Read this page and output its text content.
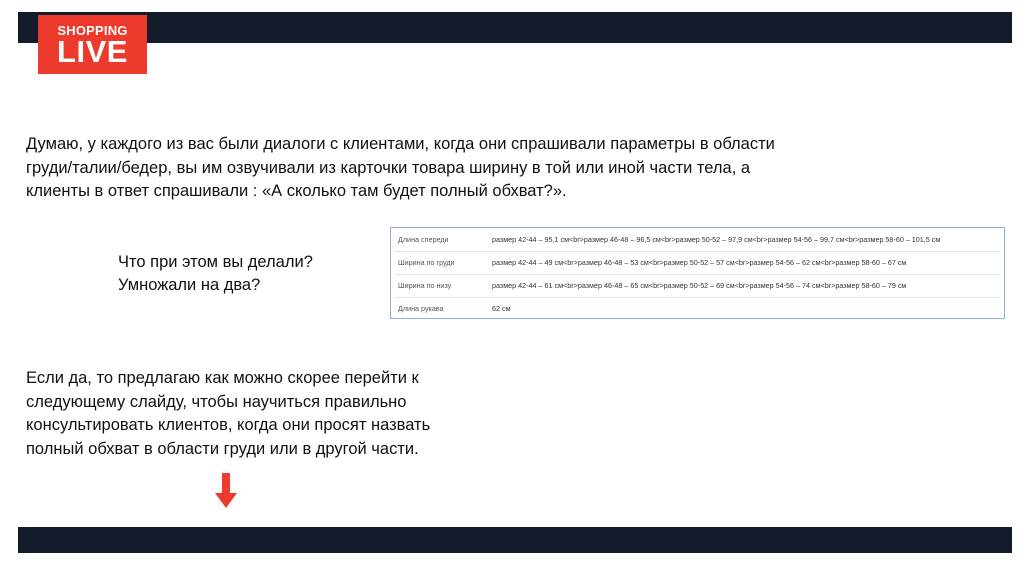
SHOPPING
LIVE
Думаю, у каждого из вас были диалоги с клиентами, когда они спрашивали параметры в области груди/талии/бедер, вы им озвучивали из карточки товара ширину в той или иной части тела, а клиенты в ответ спрашивали : «А сколько там будет полный обхват?».
Что при этом вы делали?
Умножали на два?
Длина спереди	размер 42-44 – 95,1 см<br>размер 46-48 – 96,5 см<br>размер 50-52 – 97,9 см<br>размер 54-56 – 99,7 см<br>размер 58-60 – 101,5 см
Ширина по груди	размер 42-44 – 49 см<br>размер 46-48 – 53 см<br>размер 50-52 – 57 см<br>размер 54-56 – 62 см<br>размер 58-60 – 67 см
Ширина по низу	размер 42-44 – 61 см<br>размер 46-48 – 65 см<br>размер 50-52 – 69 см<br>размер 54-56 – 74 см<br>размер 58-60 – 79 см
Длина рукава	62 см
Если да, то предлагаю как можно скорее перейти к следующему слайду, чтобы научиться правильно консультировать клиентов, когда они просят назвать полный обхват в области груди или в другой части.
